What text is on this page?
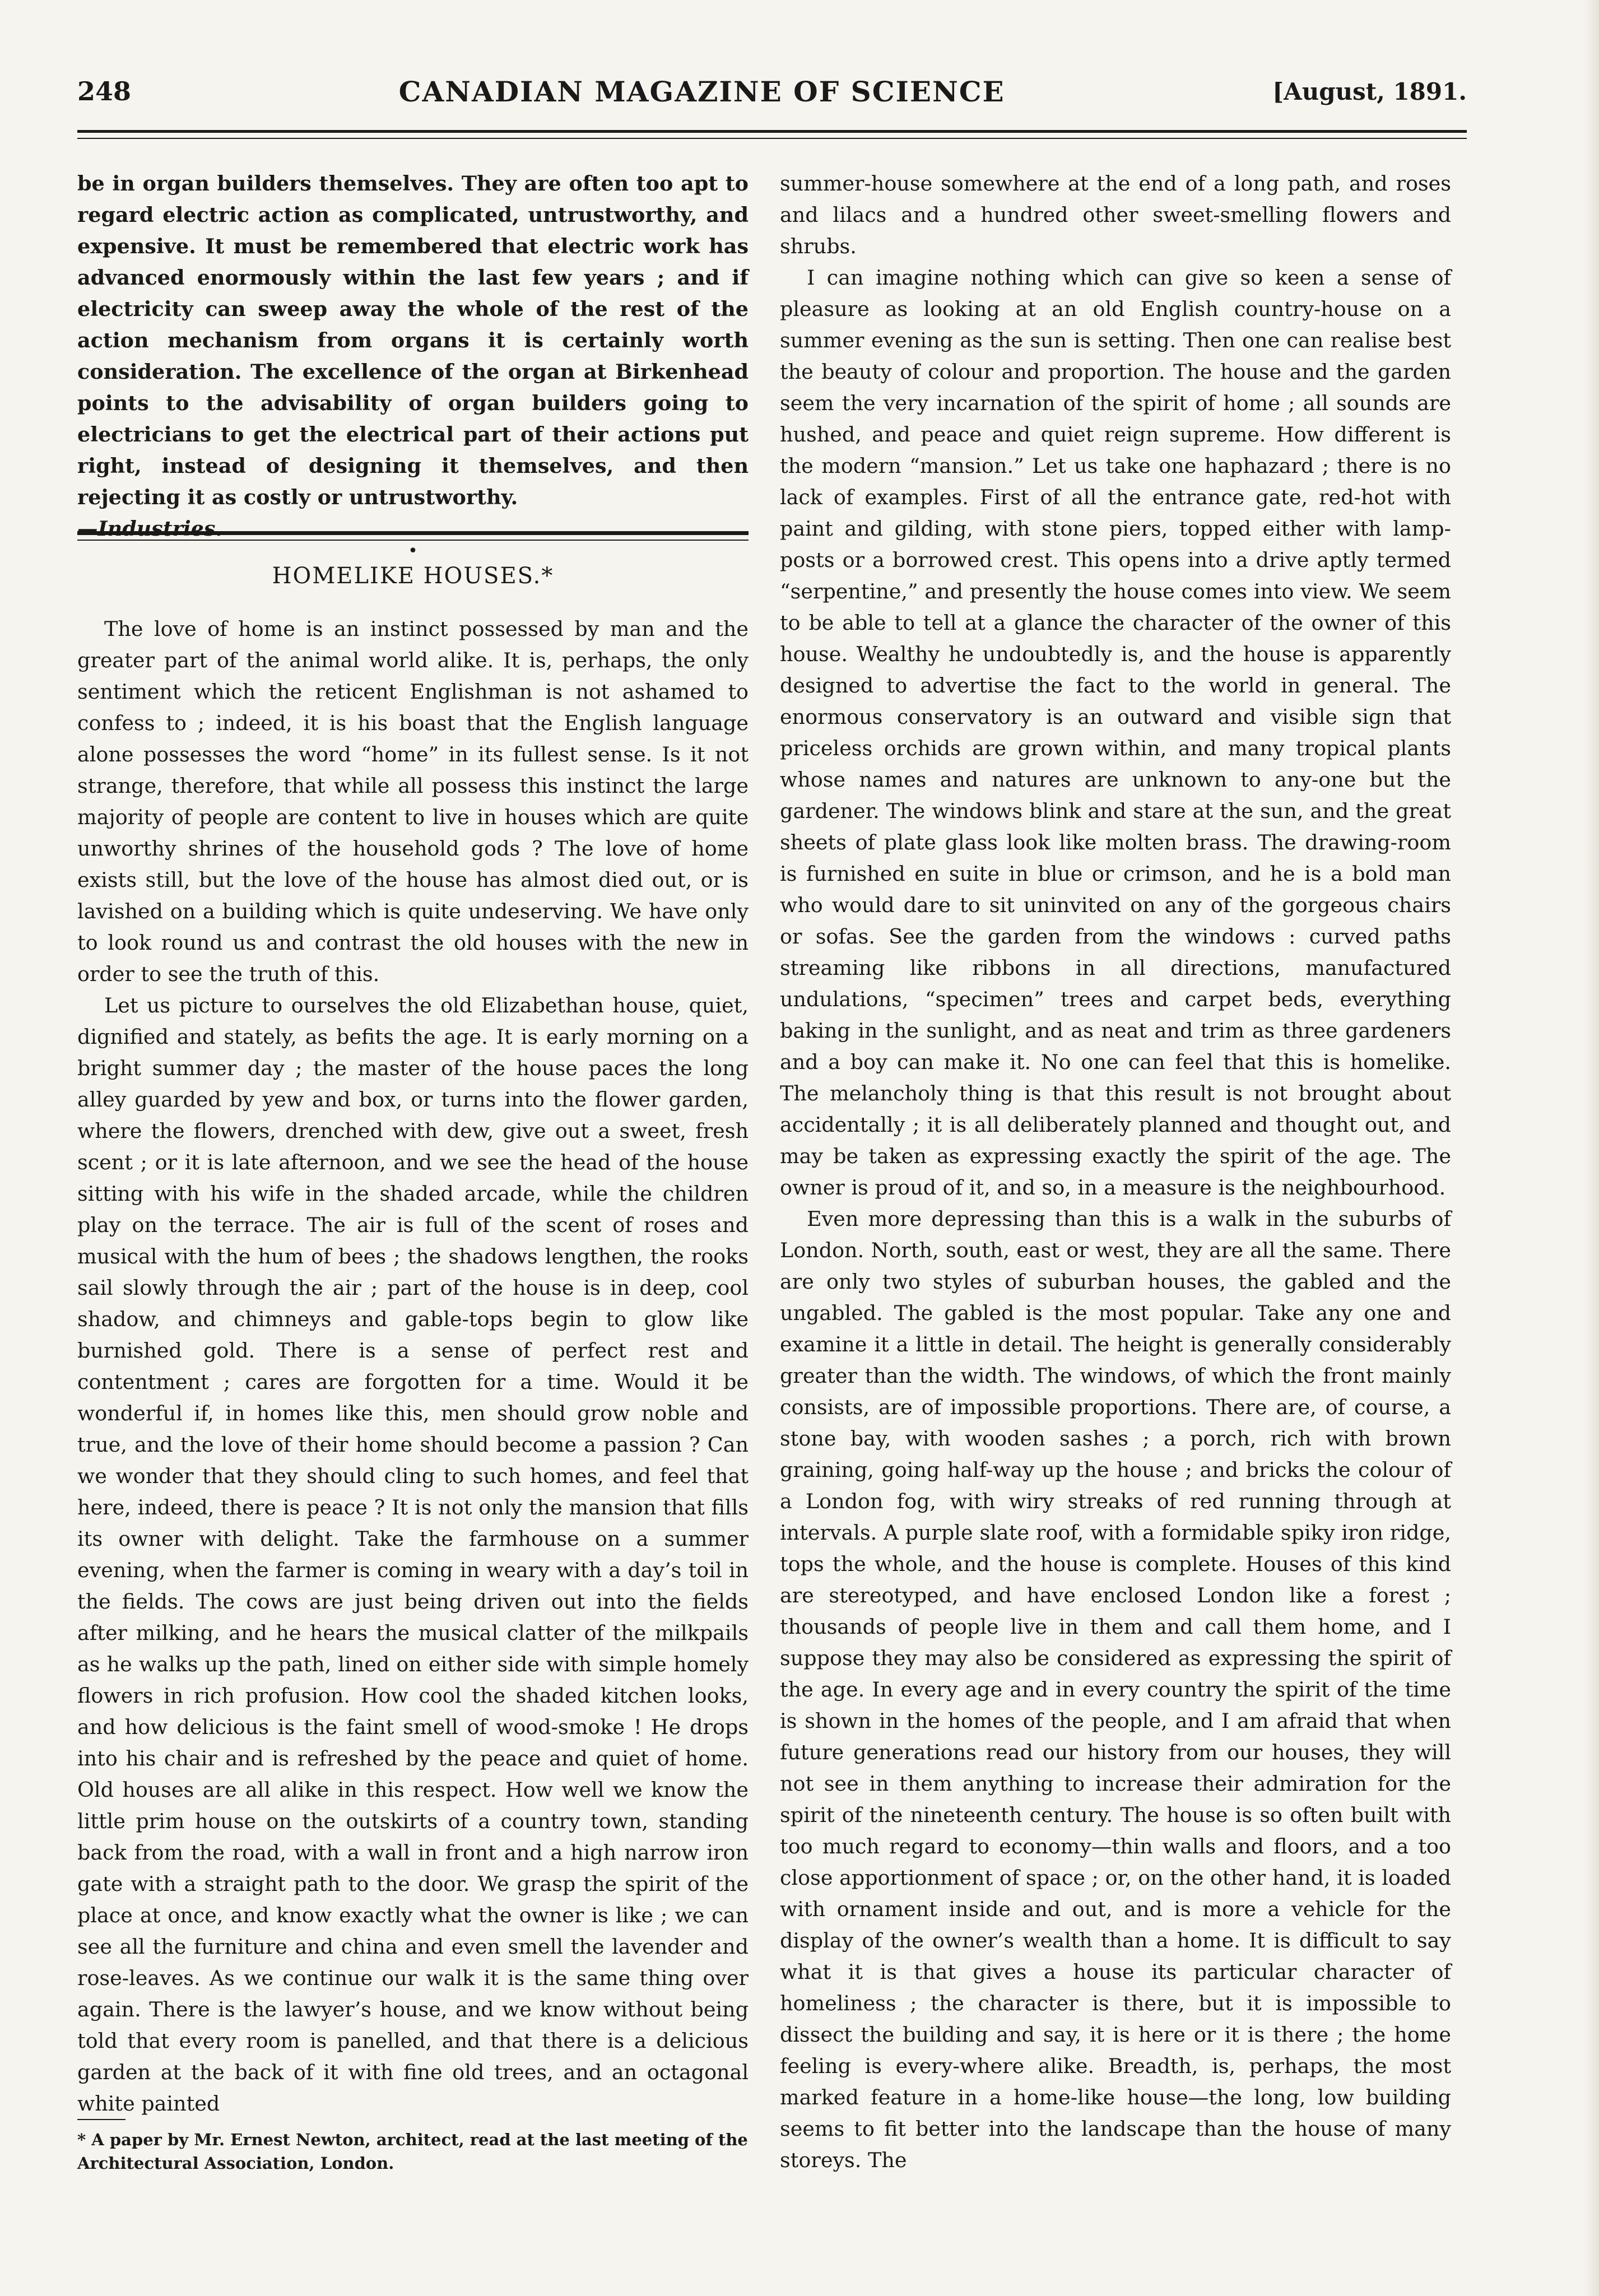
248	CANADIAN MAGAZINE OF SCIENCE	[August, 1891.

be in organ builders themselves. They are often too apt to regard electric action as complicated, untrustworthy, and expensive. It must be remembered that electric work has advanced enormously within the last few years ; and if electricity can sweep away the whole of the rest of the action mechanism from organs it is certainly worth consideration. The excellence of the organ at Birkenhead points to the advisability of organ builders going to electricians to get the electrical part of their actions put right, instead of designing it themselves, and then rejecting it as costly or untrustworthy.

—Industries.

•
HOMELIKE HOUSES.*

The love of home is an instinct possessed by man and the greater part of the animal world alike. It is, perhaps, the only sentiment which the reticent Englishman is not ashamed to confess to ; indeed, it is his boast that the English language alone possesses the word “home” in its fullest sense. Is it not strange, therefore, that while all possess this instinct the large majority of people are content to live in houses which are quite unworthy shrines of the household gods ? The love of home exists still, but the love of the house has almost died out, or is lavished on a building which is quite undeserving. We have only to look round us and contrast the old houses with the new in order to see the truth of this.

Let us picture to ourselves the old Elizabethan house, quiet, dignified and stately, as befits the age. It is early morning on a bright summer day ; the master of the house paces the long alley guarded by yew and box, or turns into the flower garden, where the flowers, drenched with dew, give out a sweet, fresh scent ; or it is late afternoon, and we see the head of the house sitting with his wife in the shaded arcade, while the children play on the terrace. The air is full of the scent of roses and musical with the hum of bees ; the shadows lengthen, the rooks sail slowly through the air ; part of the house is in deep, cool shadow, and chimneys and gable-tops begin to glow like burnished gold. There is a sense of perfect rest and contentment ; cares are forgotten for a time. Would it be wonderful if, in homes like this, men should grow noble and true, and the love of their home should become a passion ? Can we wonder that they should cling to such homes, and feel that here, indeed, there is peace ? It is not only the mansion that fills its owner with delight. Take the farmhouse on a summer evening, when the farmer is coming in weary with a day’s toil in the fields. The cows are just being driven out into the fields after milking, and he hears the musical clatter of the milkpails as he walks up the path, lined on either side with simple homely flowers in rich profusion. How cool the shaded kitchen looks, and how delicious is the faint smell of wood-smoke ! He drops into his chair and is refreshed by the peace and quiet of home. Old houses are all alike in this respect. How well we know the little prim house on the outskirts of a country town, standing back from the road, with a wall in front and a high narrow iron gate with a straight path to the door. We grasp the spirit of the place at once, and know exactly what the owner is like ; we can see all the furniture and china and even smell the lavender and rose-leaves. As we continue our walk it is the same thing over again. There is the lawyer’s house, and we know without being told that every room is panelled, and that there is a delicious garden at the back of it with fine old trees, and an octagonal white painted

* A paper by Mr. Ernest Newton, architect, read at the last meeting of the Architectural Association, London.

summer-house somewhere at the end of a long path, and roses and lilacs and a hundred other sweet-smelling flowers and shrubs.

I can imagine nothing which can give so keen a sense of pleasure as looking at an old English country-house on a summer evening as the sun is setting. Then one can realise best the beauty of colour and proportion. The house and the garden seem the very incarnation of the spirit of home ; all sounds are hushed, and peace and quiet reign supreme. How different is the modern “mansion.” Let us take one haphazard ; there is no lack of examples. First of all the entrance gate, red-hot with paint and gilding, with stone piers, topped either with lamp-posts or a borrowed crest. This opens into a drive aptly termed “serpentine,” and presently the house comes into view. We seem to be able to tell at a glance the character of the owner of this house. Wealthy he undoubtedly is, and the house is apparently designed to advertise the fact to the world in general. The enormous conservatory is an outward and visible sign that priceless orchids are grown within, and many tropical plants whose names and natures are unknown to any-one but the gardener. The windows blink and stare at the sun, and the great sheets of plate glass look like molten brass. The drawing-room is furnished en suite in blue or crimson, and he is a bold man who would dare to sit uninvited on any of the gorgeous chairs or sofas. See the garden from the windows : curved paths streaming like ribbons in all directions, manufactured undulations, “specimen” trees and carpet beds, everything baking in the sunlight, and as neat and trim as three gardeners and a boy can make it. No one can feel that this is homelike. The melancholy thing is that this result is not brought about accidentally ; it is all deliberately planned and thought out, and may be taken as expressing exactly the spirit of the age. The owner is proud of it, and so, in a measure is the neighbourhood.

Even more depressing than this is a walk in the suburbs of London. North, south, east or west, they are all the same. There are only two styles of suburban houses, the gabled and the ungabled. The gabled is the most popular. Take any one and examine it a little in detail. The height is generally considerably greater than the width. The windows, of which the front mainly consists, are of impossible proportions. There are, of course, a stone bay, with wooden sashes ; a porch, rich with brown graining, going half-way up the house ; and bricks the colour of a London fog, with wiry streaks of red running through at intervals. A purple slate roof, with a formidable spiky iron ridge, tops the whole, and the house is complete. Houses of this kind are stereotyped, and have enclosed London like a forest ; thousands of people live in them and call them home, and I suppose they may also be considered as expressing the spirit of the age. In every age and in every country the spirit of the time is shown in the homes of the people, and I am afraid that when future generations read our history from our houses, they will not see in them anything to increase their admiration for the spirit of the nineteenth century. The house is so often built with too much regard to economy—thin walls and floors, and a too close apportionment of space ; or, on the other hand, it is loaded with ornament inside and out, and is more a vehicle for the display of the owner’s wealth than a home. It is difficult to say what it is that gives a house its particular character of homeliness ; the character is there, but it is impossible to dissect the building and say, it is here or it is there ; the home feeling is every-where alike. Breadth, is, perhaps, the most marked feature in a home-like house—the long, low building seems to fit better into the landscape than the house of many storeys. The
